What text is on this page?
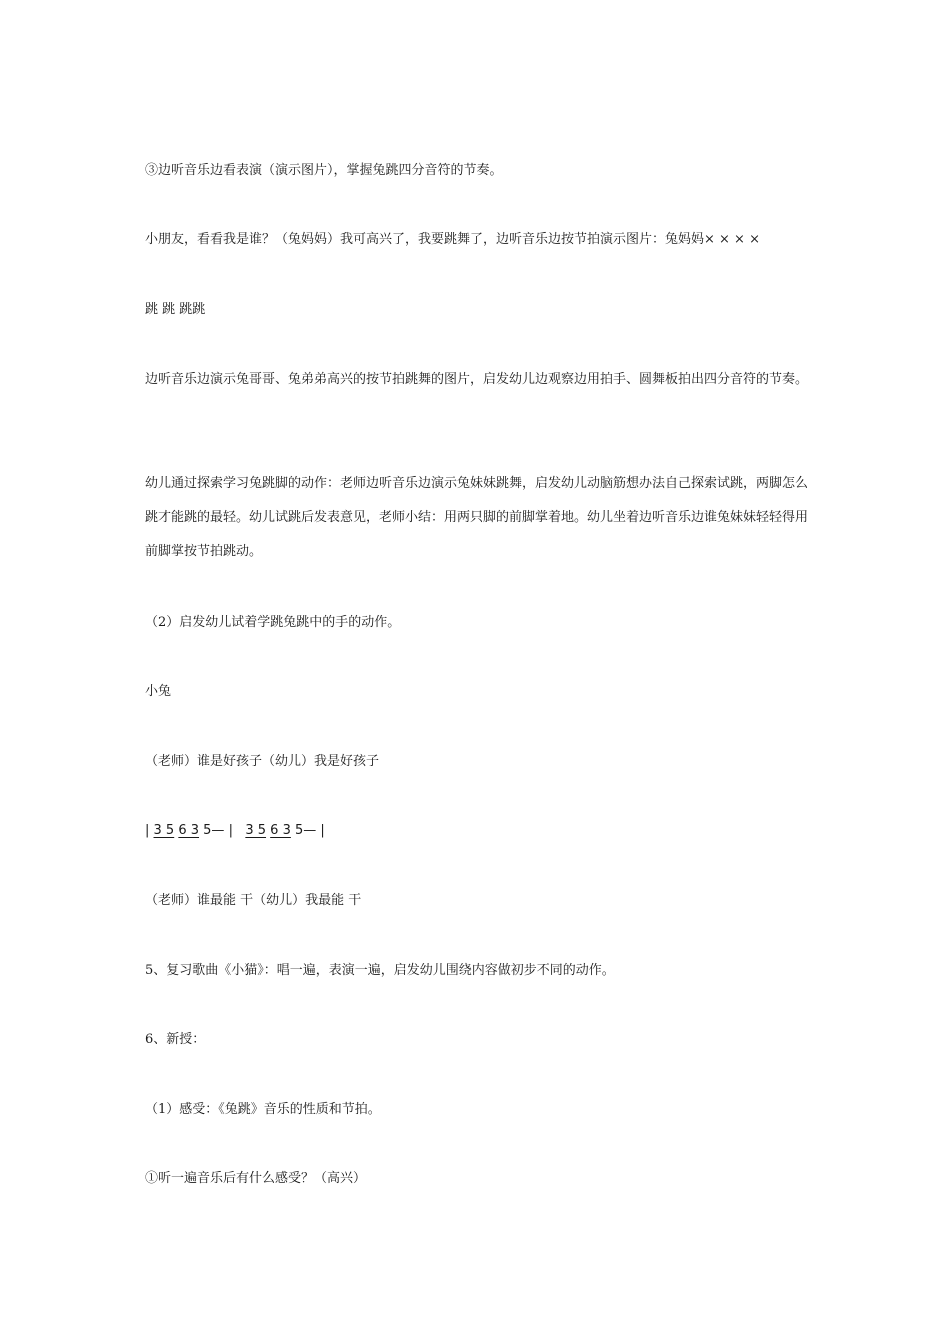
③边听音乐边看表演（演示图片），掌握兔跳四分音符的节奏。

小朋友，看看我是谁？（兔妈妈）我可高兴了，我要跳舞了，边听音乐边按节拍演示图片：兔妈妈× × × ×

跳 跳 跳跳

边听音乐边演示兔哥哥、兔弟弟高兴的按节拍跳舞的图片，启发幼儿边观察边用拍手、圆舞板拍出四分音符的节奏。

幼儿通过探索学习兔跳脚的动作：老师边听音乐边演示兔妹妹跳舞，启发幼儿动脑筋想办法自己探索试跳，两脚怎么跳才能跳的最轻。幼儿试跳后发表意见，老师小结：用两只脚的前脚掌着地。幼儿坐着边听音乐边谁兔妹妹轻轻得用前脚掌按节拍跳动。

（2）启发幼儿试着学跳兔跳中的手的动作。

小兔

（老师）谁是好孩子（幼儿）我是好孩子

| 3 5 6 3 5— |   3 5 6 3 5— |

（老师）谁最能 干（幼儿）我最能 干

5、复习歌曲《小猫》：唱一遍，表演一遍，启发幼儿围绕内容做初步不同的动作。

6、新授：

（1）感受：《兔跳》音乐的性质和节拍。

①听一遍音乐后有什么感受？（高兴）
